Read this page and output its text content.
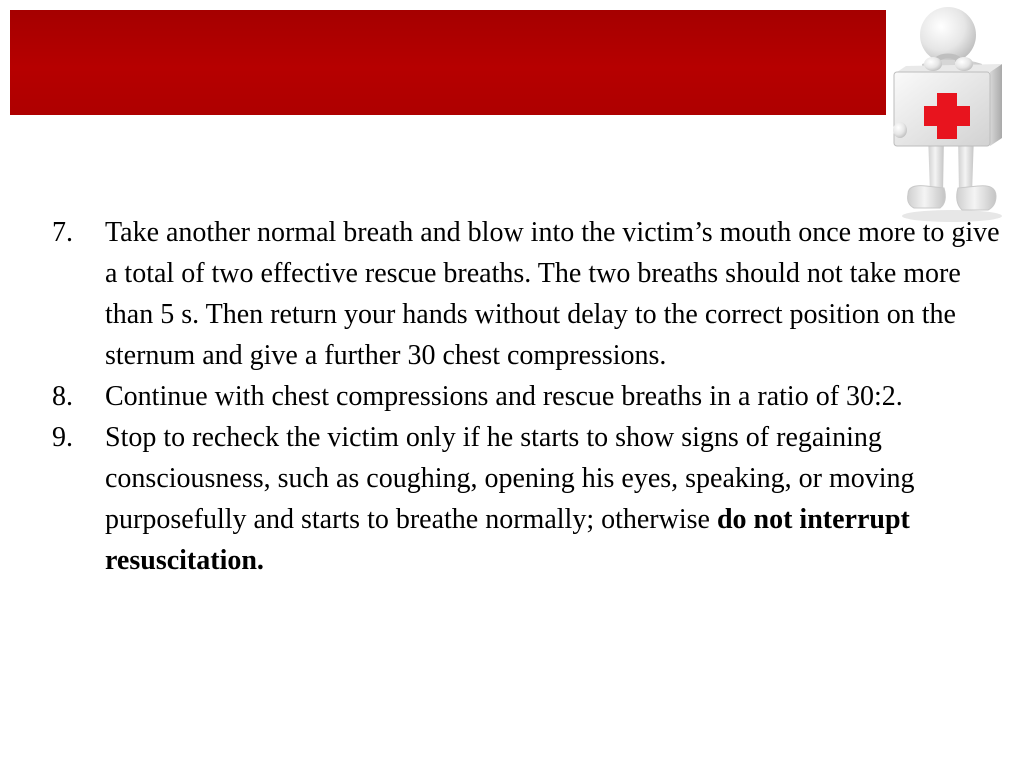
7. Take another normal breath and blow into the victim’s mouth once more to give a total of two effective rescue breaths. The two breaths should not take more than 5 s. Then return your hands without delay to the correct position on the sternum and give a further 30 chest compressions.
8. Continue with chest compressions and rescue breaths in a ratio of 30:2.
9. Stop to recheck the victim only if he starts to show signs of regaining consciousness, such as coughing, opening his eyes, speaking, or moving purposefully and starts to breathe normally; otherwise do not interrupt resuscitation.
